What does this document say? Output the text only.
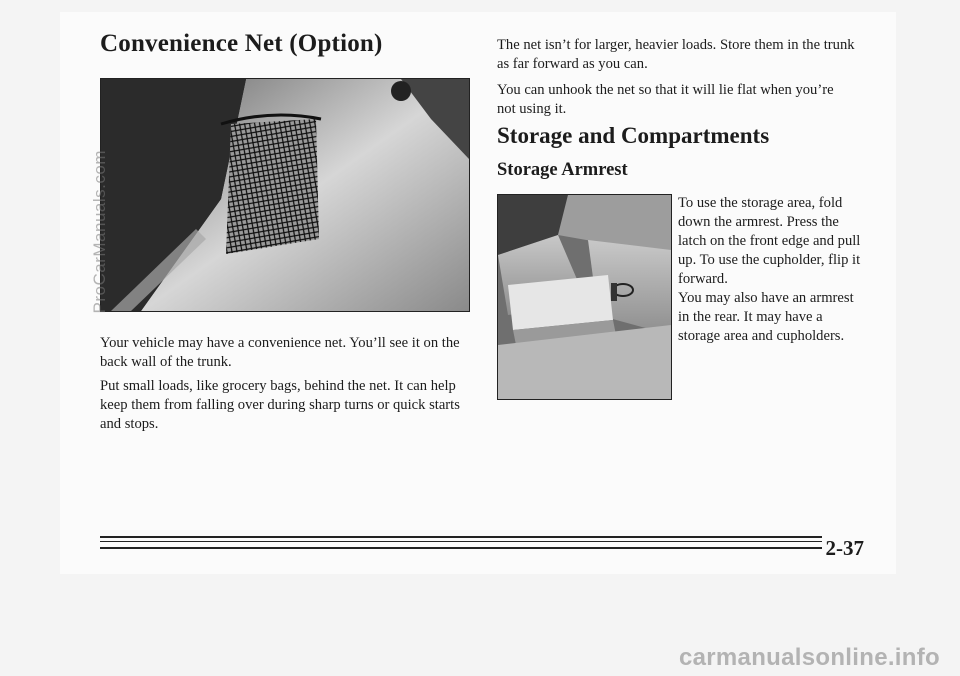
Convenience Net (Option)

Your vehicle may have a convenience net. You’ll see it on the back wall of the trunk.

Put small loads, like grocery bags, behind the net. It can help keep them from falling over during sharp turns or quick starts and stops.

The net isn’t for larger, heavier loads. Store them in the trunk as far forward as you can.

You can unhook the net so that it will lie flat when you’re not using it.

Storage and Compartments
Storage Armrest

To use the storage area, fold down the armrest. Press the latch on the front edge and pull up. To use the cupholder, flip it forward.

You may also have an armrest in the rear. It may have a storage area and cupholders.

ProCarManuals.com
2-37
carmanualsonline.info
